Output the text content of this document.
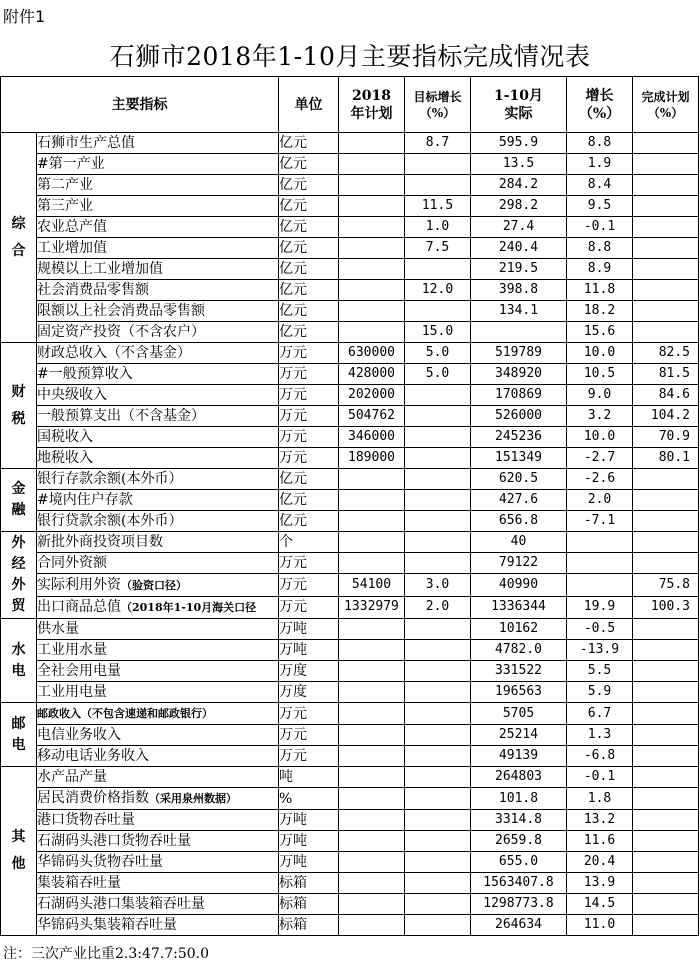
附件1
石狮市2018年1-10月主要指标完成情况表
主要指标		单位	2018年计划	目标增长（%）	1-10月实际	增长（%）	完成计划（%）

综
合	石狮市生产总值	亿元		8.7	595.9	8.8	
	#第一产业	亿元			13.5	1.9	
	第二产业	亿元			284.2	8.4	
	第三产业	亿元		11.5	298.2	9.5	
	农业总产值	亿元		1.0	27.4	-0.1	
	工业增加值	亿元		7.5	240.4	8.8	
	规模以上工业增加值	亿元			219.5	8.9	
	社会消费品零售额	亿元		12.0	398.8	11.8	
	限额以上社会消费品零售额	亿元			134.1	18.2	
	固定资产投资（不含农户）	亿元		15.0		15.6	

财
税	财政总收入（不含基金）	万元	630000	5.0	519789	10.0	82.5
	#一般预算收入	万元	428000	5.0	348920	10.5	81.5
	中央级收入	万元	202000		170869	9.0	84.6
	一般预算支出（不含基金）	万元	504762		526000	3.2	104.2
	国税收入	万元	346000		245236	10.0	70.9
	地税收入	万元	189000		151349	-2.7	80.1

金
融	银行存款余额(本外币）	亿元			620.5	-2.6	
	#境内住户存款	亿元			427.6	2.0	
	银行贷款余额(本外币）	亿元			656.8	-7.1	

外
经
外
贸	新批外商投资项目数	个			40		
	合同外资额	万元			79122		
	实际利用外资（验资口径）	万元	54100	3.0	40990		75.8
	出口商品总值（2018年1-10月海关口径	万元	1332979	2.0	1336344	19.9	100.3

水
电	供水量	万吨			10162	-0.5	
	工业用水量	万吨			4782.0	-13.9	
	全社会用电量	万度			331522	5.5	
	工业用电量	万度			196563	5.9	

邮
电	邮政收入（不包含速递和邮政银行）	万元			5705	6.7	
	电信业务收入	万元			25214	1.3	
	移动电话业务收入	万元			49139	-6.8	

其
他	水产品产量	吨			264803	-0.1	
	居民消费价格指数（采用泉州数据）	%			101.8	1.8	
	港口货物吞吐量	万吨			3314.8	13.2	
	石湖码头港口货物吞吐量	万吨			2659.8	11.6	
	华锦码头货物吞吐量	万吨			655.0	20.4	
	集装箱吞吐量	标箱			1563407.8	13.9	
	石湖码头港口集装箱吞吐量	标箱			1298773.8	14.5	
	华锦码头集装箱吞吐量	标箱			264634	11.0	
注：三次产业比重2.3:47.7:50.0
